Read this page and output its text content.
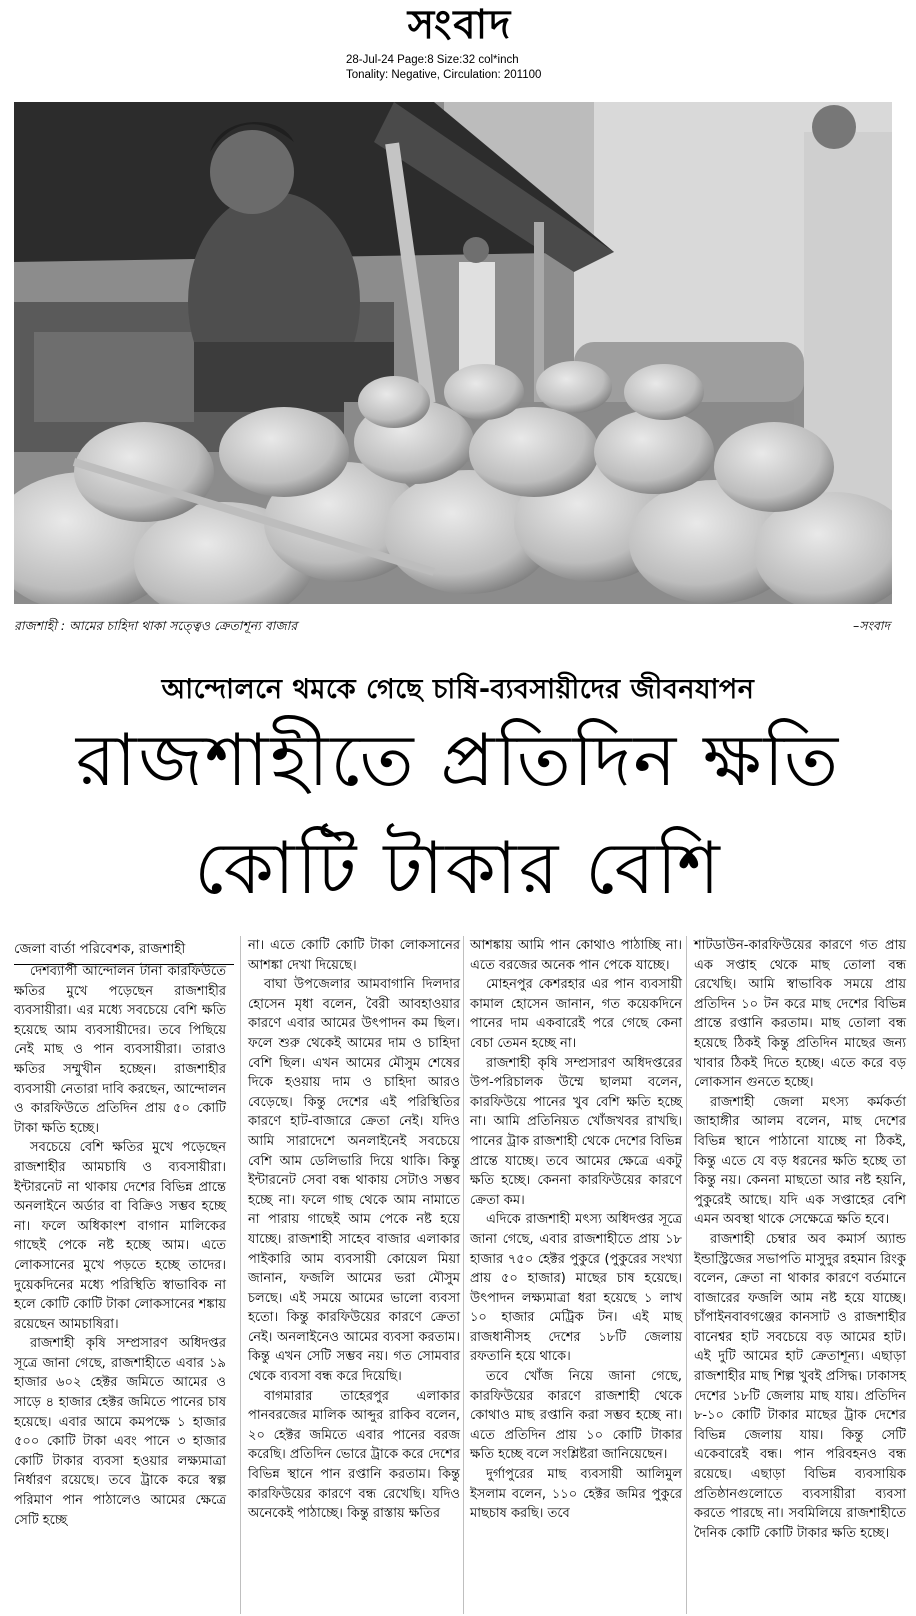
সংবাদ
28-Jul-24 Page:8 Size:32 col*inch
Tonality: Negative, Circulation: 201100
রাজশাহী : আমের চাহিদা থাকা সত্ত্বেও ক্রেতাশূন্য বাজার	–সংবাদ
আন্দোলনে থমকে গেছে চাষি-ব্যবসায়ীদের জীবনযাপন
রাজশাহীতে প্রতিদিন ক্ষতি
কোটি টাকার বেশি
জেলা বার্তা পরিবেশক, রাজশাহী

দেশব্যাপী আন্দোলন টানা কারফিউতে ক্ষতির মুখে পড়েছেন রাজশাহীর ব্যবসায়ীরা। এর মধ্যে সবচেয়ে বেশি ক্ষতি হয়েছে আম ব্যবসায়ীদের। তবে পিছিয়ে নেই মাছ ও পান ব্যবসায়ীরা। তারাও ক্ষতির সম্মুখীন হচ্ছেন। রাজশাহীর ব্যবসায়ী নেতারা দাবি করছেন, আন্দোলন ও কারফিউতে প্রতিদিন প্রায় ৫০ কোটি টাকা ক্ষতি হচ্ছে।

সবচেয়ে বেশি ক্ষতির মুখে পড়েছেন রাজশাহীর আমচাষি ও ব্যবসায়ীরা। ইন্টারনেট না থাকায় দেশের বিভিন্ন প্রান্তে অনলাইনে অর্ডার বা বিক্রিও সম্ভব হচ্ছে না। ফলে অধিকাংশ বাগান মালিকের গাছেই পেকে নষ্ট হচ্ছে আম। এতে লোকসানের মুখে পড়তে হচ্ছে তাদের। দুয়েকদিনের মধ্যে পরিস্থিতি স্বাভাবিক না হলে কোটি কোটি টাকা লোকসানের শঙ্কায় রয়েছেন আমচাষিরা।

রাজশাহী কৃষি সম্প্রসারণ অধিদপ্তর সূত্রে জানা গেছে, রাজশাহীতে এবার ১৯ হাজার ৬০২ হেক্টর জমিতে আমের ও সাড়ে ৪ হাজার হেক্টর জমিতে পানের চাষ হয়েছে। এবার আমে কমপক্ষে ১ হাজার ৫০০ কোটি টাকা এবং পানে ৩ হাজার কোটি টাকার ব্যবসা হওয়ার লক্ষ্যমাত্রা নির্ধারণ রয়েছে। তবে ট্রাকে করে স্বল্প পরিমাণ পান পাঠালেও আমের ক্ষেত্রে সেটি হচ্ছে

না। এতে কোটি কোটি টাকা লোকসানের আশঙ্কা দেখা দিয়েছে।

বাঘা উপজেলার আমবাগানি দিলদার হোসেন মৃধা বলেন, বৈরী আবহাওয়ার কারণে এবার আমের উৎপাদন কম ছিল। ফলে শুরু থেকেই আমের দাম ও চাহিদা বেশি ছিল। এখন আমের মৌসুম শেষের দিকে হওয়ায় দাম ও চাহিদা আরও বেড়েছে। কিন্তু দেশের এই পরিস্থিতির কারণে হাট-বাজারে ক্রেতা নেই। যদিও আমি সারাদেশে অনলাইনেই সবচেয়ে বেশি আম ডেলিভারি দিয়ে থাকি। কিন্তু ইন্টারনেট সেবা বন্ধ থাকায় সেটাও সম্ভব হচ্ছে না। ফলে গাছ থেকে আম নামাতে না পারায় গাছেই আম পেকে নষ্ট হয়ে যাচ্ছে। রাজশাহী সাহেব বাজার এলাকার পাইকারি আম ব্যবসায়ী কোয়েল মিয়া জানান, ফজলি আমের ভরা মৌসুম চলছে। এই সময়ে আমের ভালো ব্যবসা হতো। কিন্তু কারফিউয়ের কারণে ক্রেতা নেই। অনলাইনেও আমের ব্যবসা করতাম। কিন্তু এখন সেটি সম্ভব নয়। গত সোমবার থেকে ব্যবসা বন্ধ করে দিয়েছি।

বাগমারার তাহেরপুর এলাকার পানবরজের মালিক আব্দুর রাকিব বলেন, ২০ হেক্টর জমিতে এবার পানের বরজ করেছি। প্রতিদিন ভোরে ট্রাকে করে দেশের বিভিন্ন স্থানে পান রপ্তানি করতাম। কিন্তু কারফিউয়ের কারণে বন্ধ রেখেছি। যদিও অনেকেই পাঠাচ্ছে। কিন্তু রাস্তায় ক্ষতির

আশঙ্কায় আমি পান কোথাও পাঠাচ্ছি না। এতে বরজের অনেক পান পেকে যাচ্ছে।

মোহনপুর কেশরহার এর পান ব্যবসায়ী কামাল হোসেন জানান, গত কয়েকদিনে পানের দাম একবারেই পরে গেছে কেনা বেচা তেমন হচ্ছে না।

রাজশাহী কৃষি সম্প্রসারণ অধিদপ্তরের উপ-পরিচালক উম্মে ছালমা বলেন, কারফিউয়ে পানের খুব বেশি ক্ষতি হচ্ছে না। আমি প্রতিনিয়ত খোঁজখবর রাখছি। পানের ট্রাক রাজশাহী থেকে দেশের বিভিন্ন প্রান্তে যাচ্ছে। তবে আমের ক্ষেত্রে একটু ক্ষতি হচ্ছে। কেননা কারফিউয়ের কারণে ক্রেতা কম।

এদিকে রাজশাহী মৎস্য অধিদপ্তর সূত্রে জানা গেছে, এবার রাজশাহীতে প্রায় ১৮ হাজার ৭৫০ হেক্টর পুকুরে (পুকুরের সংখ্যা প্রায় ৫০ হাজার) মাছের চাষ হয়েছে। উৎপাদন লক্ষ্যমাত্রা ধরা হয়েছে ১ লাখ ১০ হাজার মেট্রিক টন। এই মাছ রাজধানীসহ দেশের ১৮টি জেলায় রফতানি হয়ে থাকে।

তবে খোঁজ নিয়ে জানা গেছে, কারফিউয়ের কারণে রাজশাহী থেকে কোথাও মাছ রপ্তানি করা সম্ভব হচ্ছে না। এতে প্রতিদিন প্রায় ১০ কোটি টাকার ক্ষতি হচ্ছে বলে সংশ্লিষ্টরা জানিয়েছেন।

দুর্গাপুরের মাছ ব্যবসায়ী আলিমুল ইসলাম বলেন, ১১০ হেক্টর জমির পুকুরে মাছচাষ করছি। তবে

শাটডাউন-কারফিউয়ের কারণে গত প্রায় এক সপ্তাহ থেকে মাছ তোলা বন্ধ রেখেছি। আমি স্বাভাবিক সময়ে প্রায় প্রতিদিন ১০ টন করে মাছ দেশের বিভিন্ন প্রান্তে রপ্তানি করতাম। মাছ তোলা বন্ধ হয়েছে ঠিকই কিন্তু প্রতিদিন মাছের জন্য খাবার ঠিকই দিতে হচ্ছে। এতে করে বড় লোকসান গুনতে হচ্ছে।

রাজশাহী জেলা মৎস্য কর্মকর্তা জাহাঙ্গীর আলম বলেন, মাছ দেশের বিভিন্ন স্থানে পাঠানো যাচ্ছে না ঠিকই, কিন্তু এতে যে বড় ধরনের ক্ষতি হচ্ছে তা কিন্তু নয়। কেননা মাছতো আর নষ্ট হয়নি, পুকুরেই আছে। যদি এক সপ্তাহের বেশি এমন অবস্থা থাকে সেক্ষেত্রে ক্ষতি হবে।

রাজশাহী চেম্বার অব কমার্স অ্যান্ড ইন্ডাস্ট্রিজের সভাপতি মাসুদুর রহমান রিংকু বলেন, ক্রেতা না থাকার কারণে বর্তমানে বাজারের ফজলি আম নষ্ট হয়ে যাচ্ছে। চাঁপাইনবাবগঞ্জের কানসাট ও রাজশাহীর বানেশ্বর হাট সবচেয়ে বড় আমের হাট। এই দুটি আমের হাট ক্রেতাশূন্য। এছাড়া রাজশাহীর মাছ শিল্প খুবই প্রসিদ্ধ। ঢাকাসহ দেশের ১৮টি জেলায় মাছ যায়। প্রতিদিন ৮-১০ কোটি টাকার মাছের ট্রাক দেশের বিভিন্ন জেলায় যায়। কিন্তু সেটি একেবারেই বন্ধ। পান পরিবহনও বন্ধ রয়েছে। এছাড়া বিভিন্ন ব্যবসায়িক প্রতিষ্ঠানগুলোতে ব্যবসায়ীরা ব্যবসা করতে পারছে না। সবমিলিয়ে রাজশাহীতে দৈনিক কোটি কোটি টাকার ক্ষতি হচ্ছে।
